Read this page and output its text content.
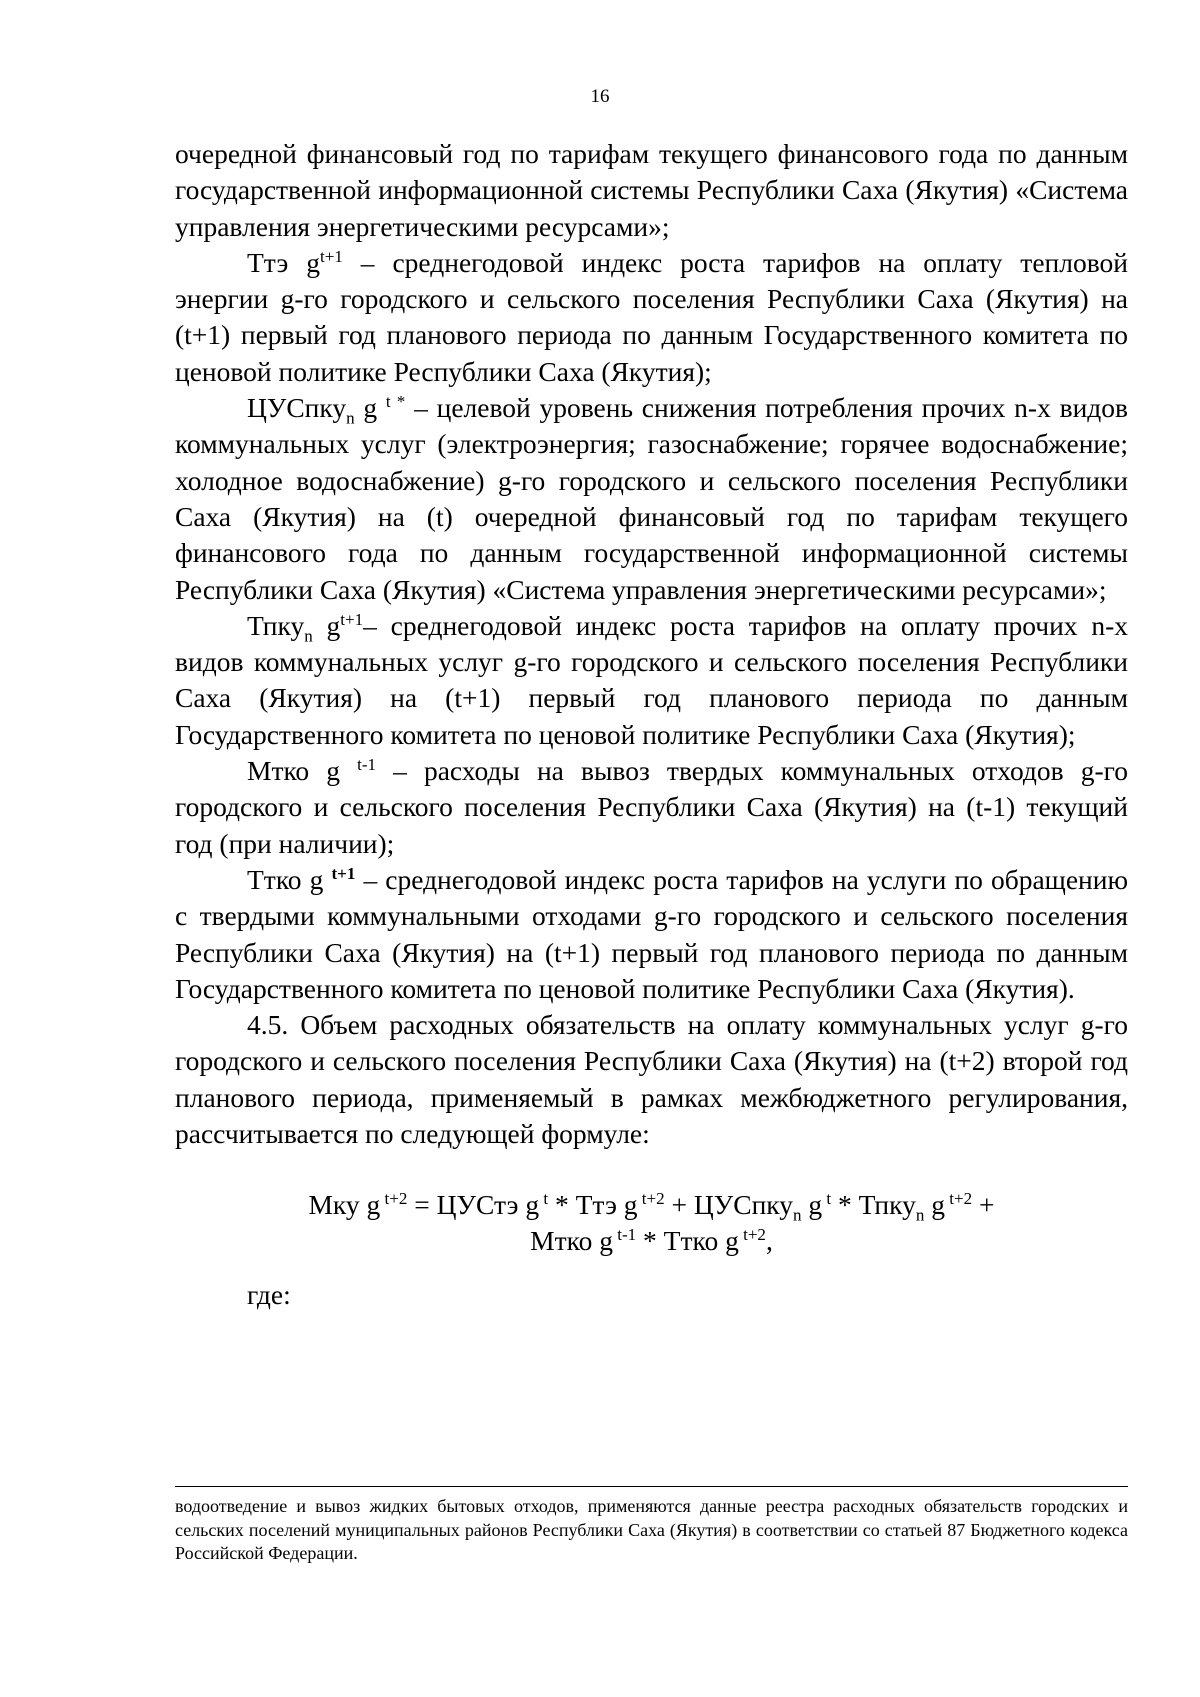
16

очередной финансовый год по тарифам текущего финансового года по данным государственной информационной системы Республики Саха (Якутия) «Система управления энергетическими ресурсами»;

Ттэ $g^{t+1}$ – среднегодовой индекс роста тарифов на оплату тепловой энергии g-го городского и сельского поселения Республики Саха (Якутия) на (t+1) первый год планового периода по данным Государственного комитета по ценовой политике Республики Саха (Якутия);

ЦУСпку$_n$ g $^{t *}$ – целевой уровень снижения потребления прочих n-х видов коммунальных услуг (электроэнергия; газоснабжение; горячее водоснабжение; холодное водоснабжение) g-го городского и сельского поселения Республики Саха (Якутия) на (t) очередной финансовый год по тарифам текущего финансового года по данным государственной информационной системы Республики Саха (Якутия) «Система управления энергетическими ресурсами»;

Тпку$_n$ $g^{t+1}-$ среднегодовой индекс роста тарифов на оплату прочих n-х видов коммунальных услуг g-го городского и сельского поселения Республики Саха (Якутия) на (t+1) первый год планового периода по данным Государственного комитета по ценовой политике Республики Саха (Якутия);

Мтко g $^{t-1}$ – расходы на вывоз твердых коммунальных отходов g-го городского и сельского поселения Республики Саха (Якутия) на (t-1) текущий год (при наличии);

Ттко g $^{t+1}$ – среднегодовой индекс роста тарифов на услуги по обращению с твердыми коммунальными отходами g-го городского и сельского поселения Республики Саха (Якутия) на (t+1) первый год планового периода по данным Государственного комитета по ценовой политике Республики Саха (Якутия).

4.5. Объем расходных обязательств на оплату коммунальных услуг g-го городского и сельского поселения Республики Саха (Якутия) на (t+2) второй год планового периода, применяемый в рамках межбюджетного регулирования, рассчитывается по следующей формуле:

Мку g $^{t+2}$ = ЦУСтэ g $^t$ * Ттэ g $^{t+2}$ + ЦУСпку$_n$ g $^t$ * Тпку$_n$ g $^{t+2}$ +
Мтко g $^{t-1}$ * Ттко g $^{t+2}$,
где:
водоотведение и вывоз жидких бытовых отходов, применяются данные реестра расходных обязательств городских и сельских поселений муниципальных районов Республики Саха (Якутия) в соответствии со статьей 87 Бюджетного кодекса Российской Федерации.
